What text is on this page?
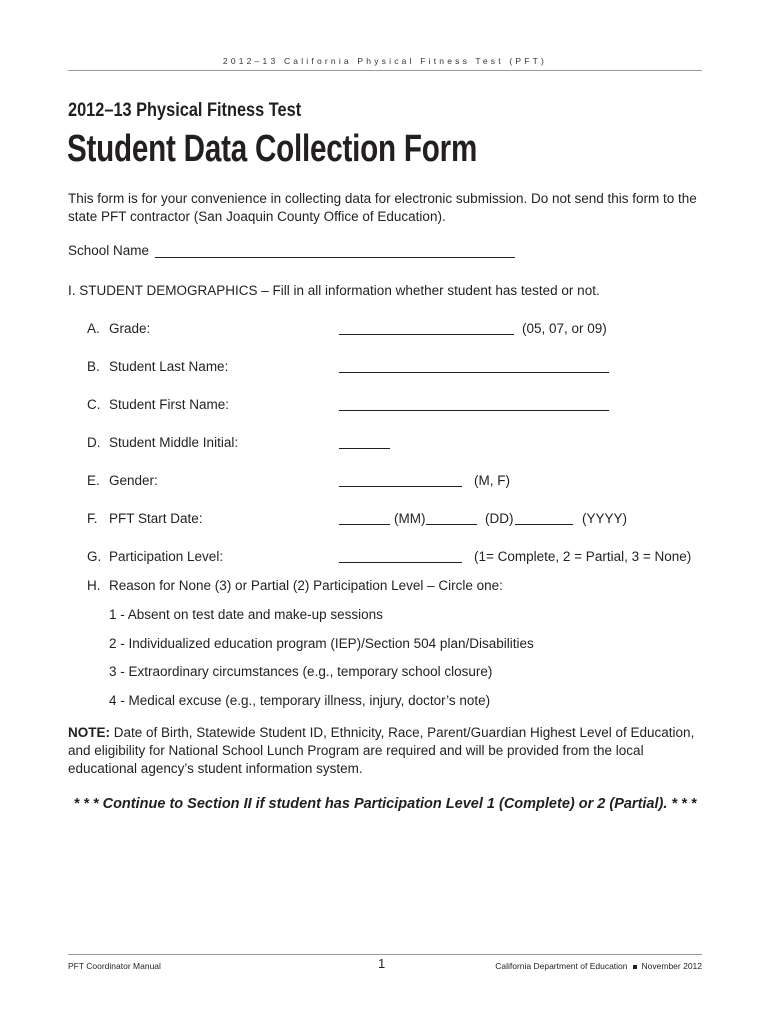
2012–13 California Physical Fitness Test (PFT)
2012–13 Physical Fitness Test
Student Data Collection Form
This form is for your convenience in collecting data for electronic submission. Do not send this form to the state PFT contractor (San Joaquin County Office of Education).
School Name
I. STUDENT DEMOGRAPHICS – Fill in all information whether student has tested or not.
A. Grade:	(05, 07, or 09)
B. Student Last Name:
C. Student First Name:
D. Student Middle Initial:
E. Gender:	(M, F)
F. PFT Start Date:	(MM)	(DD)	(YYYY)
G. Participation Level:	(1= Complete, 2 = Partial, 3 = None)
H. Reason for None (3) or Partial (2) Participation Level – Circle one:
1 - Absent on test date and make-up sessions
2 - Individualized education program (IEP)/Section 504 plan/Disabilities
3 - Extraordinary circumstances (e.g., temporary school closure)
4 - Medical excuse (e.g., temporary illness, injury, doctor’s note)
NOTE: Date of Birth, Statewide Student ID, Ethnicity, Race, Parent/Guardian Highest Level of Education, and eligibility for National School Lunch Program are required and will be provided from the local educational agency’s student information system.
* * * Continue to Section II if student has Participation Level 1 (Complete) or 2 (Partial). * * *
PFT Coordinator Manual	1	California Department of Education November 2012
